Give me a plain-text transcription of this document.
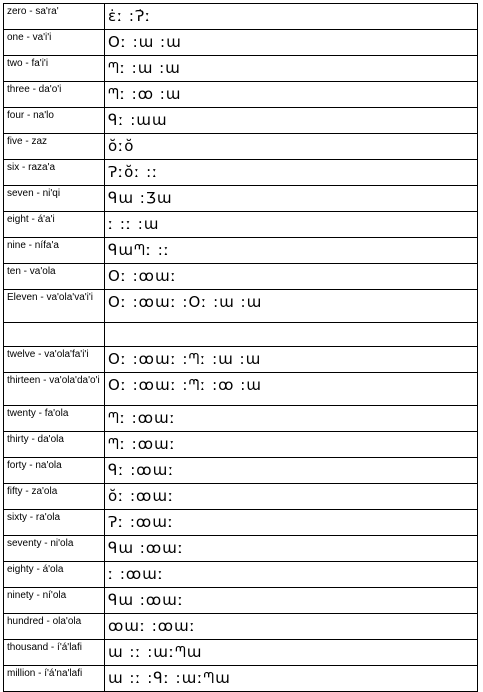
zero - sa'ra'	ɛ̇ː :Ɂ̇ː
one - va'i'i	Oː :ɯ :ɯ
two - fa'i'i	ᘉː :ɯ :ɯ
three - da'o'i	ᘉ̇ː :ꝏ :ɯ
four - na'lo	ᑫː :ɯɯ
five - zaz	ŏːŏ
six - raza'a	Ɂːŏː :ː
seven - ni'qi	ᑫɯ :Ʒɯ
eight - á'a'i	ː :ː :ɯ
nine - nífa'a	ᑫɯᘉː :ː
ten - va'ola	Oː :ꝏɯː
Eleven - va'ola'va'i'i	Oː :ꝏɯː :Oː :ɯ :ɯ

twelve - va'ola'fa'i'i	Oː :ꝏɯː :ᘉː :ɯ :ɯ
thirteen - va'ola'da'o'i	Oː :ꝏɯː :ᘉ̇ː :ꝏ :ɯ
twenty - fa'ola	ᘉː :ꝏɯː
thirty - da'ola	ᘉ̇ː :ꝏɯː
forty - na'ola	ᑫː :ꝏɯː
fifty - za'ola	ŏː :ꝏɯː
sixty - ra'ola	Ɂː :ꝏɯː
seventy - ni'ola	ᑫɯ :ꝏɯː
eighty - á'ola	ː :ꝏɯː
ninety - ní'ola	ᑫɯ :ꝏɯː
hundred - ola'ola	ꝏɯː :ꝏɯː
thousand - í'á'lafi	ɯ :ː :ɯːᘉɯ
million - í'á'na'lafi	ɯ :ː :ᑫː :ɯːᘉɯ
